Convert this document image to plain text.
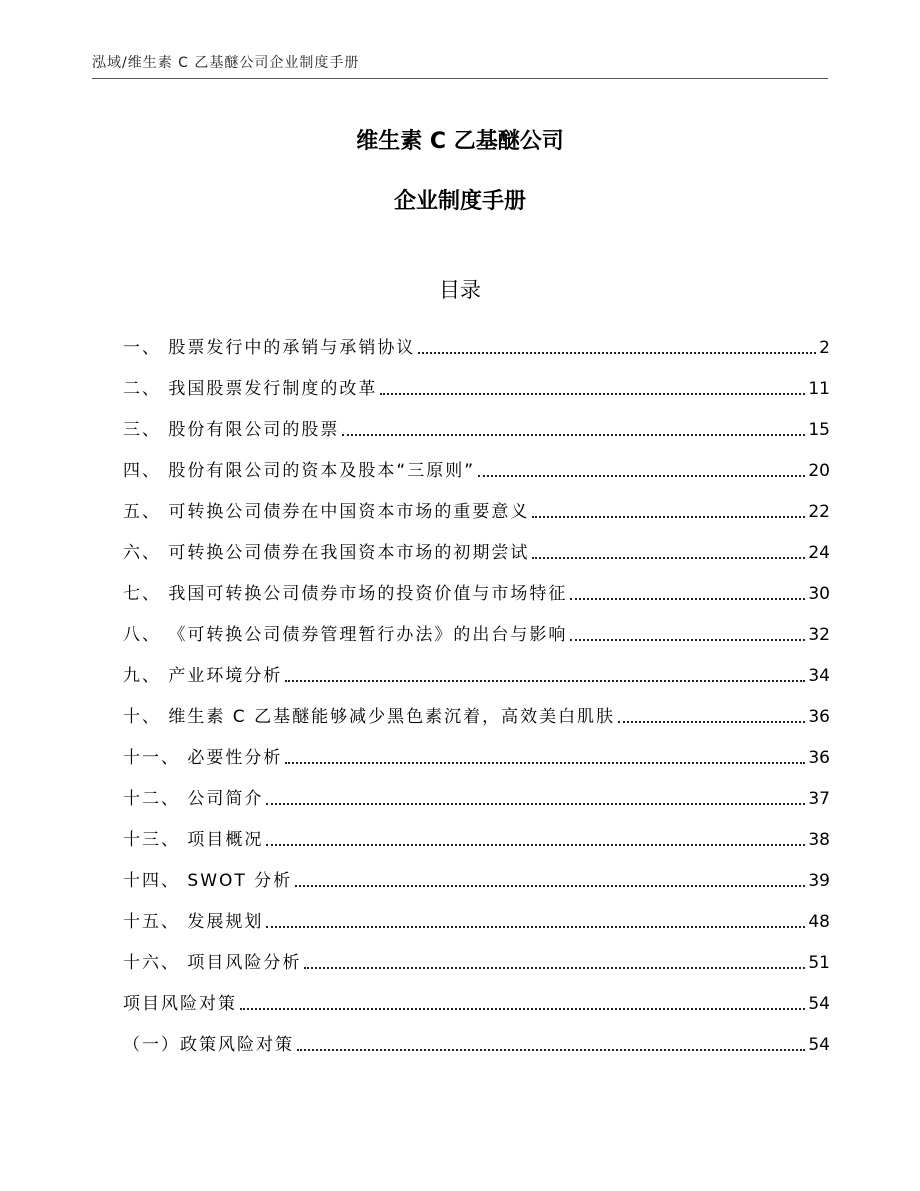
泓域/维生素 C 乙基醚公司企业制度手册
维生素 C 乙基醚公司
企业制度手册
目录
一、 股票发行中的承销与承销协议	2
二、 我国股票发行制度的改革	11
三、 股份有限公司的股票	15
四、 股份有限公司的资本及股本“三原则”	20
五、 可转换公司债券在中国资本市场的重要意义	22
六、 可转换公司债券在我国资本市场的初期尝试	24
七、 我国可转换公司债券市场的投资价值与市场特征	30
八、 《可转换公司债券管理暂行办法》的出台与影响	32
九、 产业环境分析	34
十、 维生素 C 乙基醚能够减少黑色素沉着，高效美白肌肤	36
十一、 必要性分析	36
十二、 公司简介	37
十三、 项目概况	38
十四、 SWOT 分析	39
十五、 发展规划	48
十六、 项目风险分析	51
项目风险对策	54
（一）政策风险对策	54
